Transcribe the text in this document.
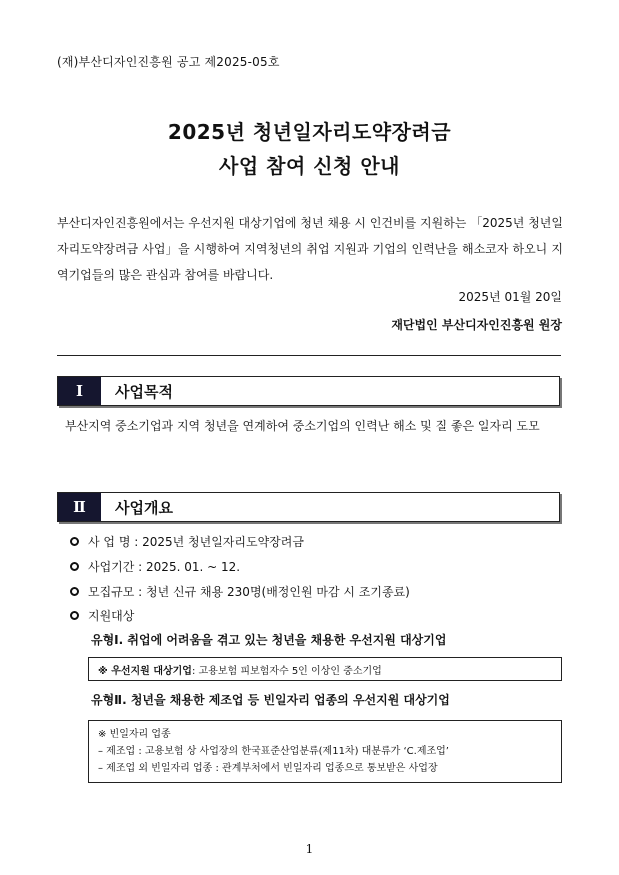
(재)부산디자인진흥원 공고 제2025-05호
2025년 청년일자리도약장려금
사업 참여 신청 안내
부산디자인진흥원에서는 우선지원 대상기업에 청년 채용 시 인건비를 지원하는 「2025년 청년일자리도약장려금 사업」을 시행하여 지역청년의 취업 지원과 기업의 인력난을 해소코자 하오니 지역기업들의 많은 관심과 참여를 바랍니다.
2025년 01월 20일
재단법인 부산디자인진흥원 원장
Ⅰ	사업목적
부산지역 중소기업과 지역 청년을 연계하여 중소기업의 인력난 해소 및 질 좋은 일자리 도모
Ⅱ	사업개요
사 업 명 : 2025년 청년일자리도약장려금
사업기간 : 2025. 01. ~ 12.
모집규모 : 청년 신규 채용 230명(배정인원 마감 시 조기종료)
지원대상
유형Ⅰ. 취업에 어려움을 겪고 있는 청년을 채용한 우선지원 대상기업
※ 우선지원 대상기업 : 고용보험 피보험자수 5인 이상인 중소기업
유형Ⅱ. 청년을 채용한 제조업 등 빈일자리 업종의 우선지원 대상기업
※ 빈일자리 업종
– 제조업 : 고용보험 상 사업장의 한국표준산업분류(제11차) 대분류가 ‘C.제조업’
– 제조업 외 빈일자리 업종 : 관계부처에서 빈일자리 업종으로 통보받은 사업장
1
